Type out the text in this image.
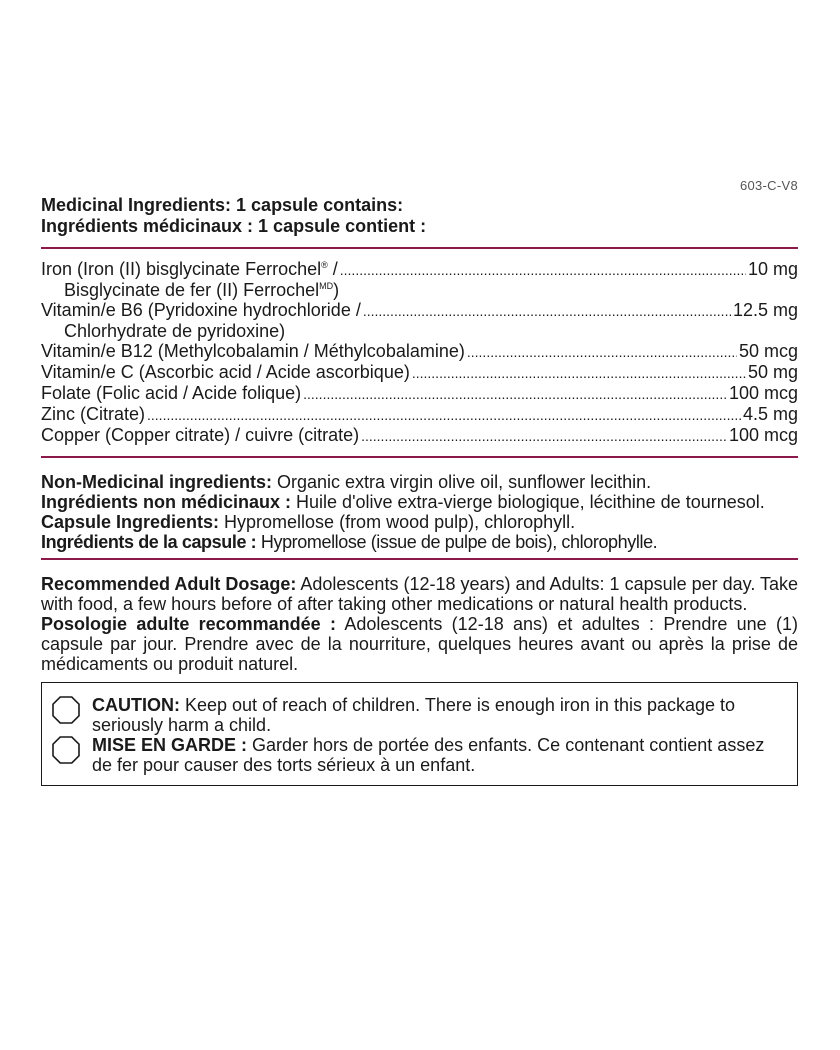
603-C-V8
Medicinal Ingredients: 1 capsule contains:
Ingrédients médicinaux : 1 capsule contient :
Iron (Iron (II) bisglycinate Ferrochel® / .....	10 mg
Bisglycinate de fer (II) Ferrochel$^{MD}$)
Vitamin/e B6 (Pyridoxine hydrochloride / .....	12.5 mg
Chlorhydrate de pyridoxine)
Vitamin/e B12 (Methylcobalamin / Méthylcobalamine) .....	50 mcg
Vitamin/e C (Ascorbic acid / Acide ascorbique) .....	50 mg
Folate (Folic acid / Acide folique) .....	100 mcg
Zinc (Citrate) .....	4.5 mg
Copper (Copper citrate) / cuivre (citrate) .....	100 mcg
Non-Medicinal ingredients: Organic extra virgin olive oil, sunflower lecithin.
Ingrédients non médicinaux : Huile d'olive extra-vierge biologique, lécithine de tournesol.
Capsule Ingredients: Hypromellose (from wood pulp), chlorophyll.
Ingrédients de la capsule : Hypromellose (issue de pulpe de bois), chlorophylle.

Recommended Adult Dosage: Adolescents (12-18 years) and Adults: 1 capsule per day. Take with food, a few hours before of after taking other medications or natural health products.

Posologie adulte recommandée : Adolescents (12-18 ans) et adultes : Prendre une (1) capsule par jour. Prendre avec de la nourriture, quelques heures avant ou après la prise de médicaments ou produit naturel.

CAUTION: Keep out of reach of children. There is enough iron in this package to seriously harm a child.

MISE EN GARDE : Garder hors de portée des enfants. Ce contenant contient assez de fer pour causer des torts sérieux à un enfant.
